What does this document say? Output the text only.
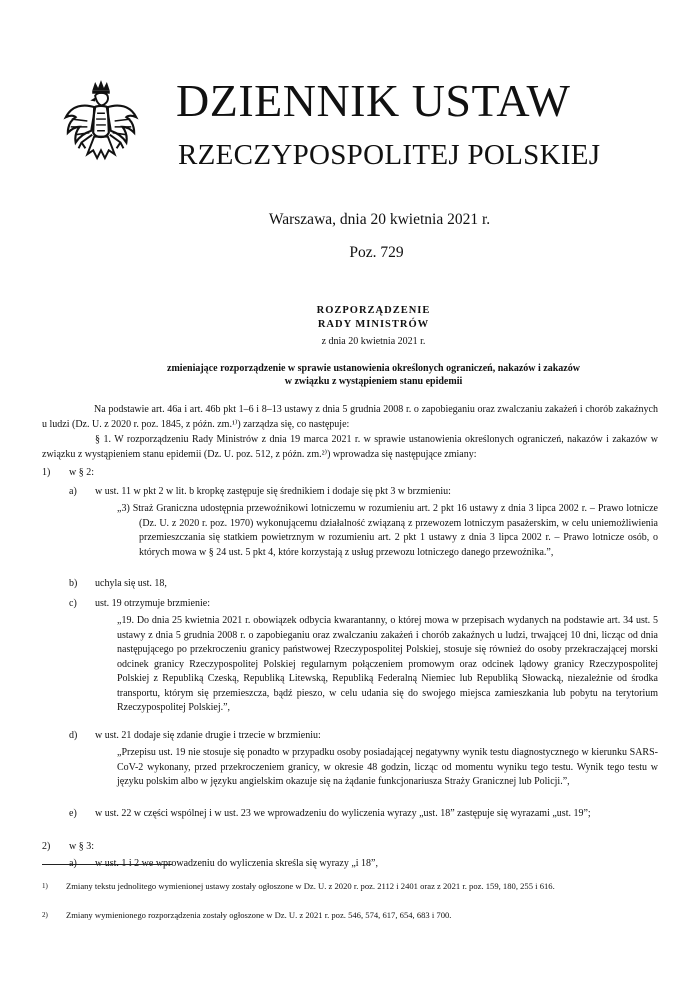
DZIENNIK USTAW
RZECZYPOSPOLITEJ POLSKIEJ
Warszawa, dnia 20 kwietnia 2021 r.
Poz. 729
ROZPORZĄDZENIE
RADY MINISTRÓW
z dnia 20 kwietnia 2021 r.
zmieniające rozporządzenie w sprawie ustanowienia określonych ograniczeń, nakazów i zakazów
w związku z wystąpieniem stanu epidemii
Na podstawie art. 46a i art. 46b pkt 1–6 i 8–13 ustawy z dnia 5 grudnia 2008 r. o zapobieganiu oraz zwalczaniu zakażeń i chorób zakaźnych u ludzi (Dz. U. z 2020 r. poz. 1845, z późn. zm.¹⁾) zarządza się, co następuje:
§ 1. W rozporządzeniu Rady Ministrów z dnia 19 marca 2021 r. w sprawie ustanowienia określonych ograniczeń, nakazów i zakazów w związku z wystąpieniem stanu epidemii (Dz. U. poz. 512, z późn. zm.²⁾) wprowadza się następujące zmiany:
1) w § 2:
a) w ust. 11 w pkt 2 w lit. b kropkę zastępuje się średnikiem i dodaje się pkt 3 w brzmieniu:
„3) Straż Graniczna udostępnia przewoźnikowi lotniczemu w rozumieniu art. 2 pkt 16 ustawy z dnia 3 lipca 2002 r. – Prawo lotnicze (Dz. U. z 2020 r. poz. 1970) wykonującemu działalność związaną z przewozem lotniczym pasażerskim, w celu uniemożliwienia przemieszczania się statkiem powietrznym w rozumieniu art. 2 pkt 1 ustawy z dnia 3 lipca 2002 r. – Prawo lotnicze osób, o których mowa w § 24 ust. 5 pkt 4, które korzystają z usług przewozu lotniczego danego przewoźnika.”,
b) uchyla się ust. 18,
c) ust. 19 otrzymuje brzmienie:
„19. Do dnia 25 kwietnia 2021 r. obowiązek odbycia kwarantanny, o której mowa w przepisach wydanych na podstawie art. 34 ust. 5 ustawy z dnia 5 grudnia 2008 r. o zapobieganiu oraz zwalczaniu zakażeń i chorób zakaźnych u ludzi, trwającej 10 dni, licząc od dnia następującego po przekroczeniu granicy państwowej Rzeczypospolitej Polskiej, stosuje się również do osoby przekraczającej morski odcinek granicy Rzeczypospolitej Polskiej regularnym połączeniem promowym oraz odcinek lądowy granicy Rzeczypospolitej Polskiej z Republiką Czeską, Republiką Litewską, Republiką Federalną Niemiec lub Republiką Słowacką, niezależnie od środka transportu, którym się przemieszcza, bądź pieszo, w celu udania się do swojego miejsca zamieszkania lub pobytu na terytorium Rzeczypospolitej Polskiej.”,
d) w ust. 21 dodaje się zdanie drugie i trzecie w brzmieniu:
„Przepisu ust. 19 nie stosuje się ponadto w przypadku osoby posiadającej negatywny wynik testu diagnostycznego w kierunku SARS-CoV-2 wykonany, przed przekroczeniem granicy, w okresie 48 godzin, licząc od momentu wyniku tego testu. Wynik tego testu w języku polskim albo w języku angielskim okazuje się na żądanie funkcjonariusza Straży Granicznej lub Policji.”,
e) w ust. 22 w części wspólnej i w ust. 23 we wprowadzeniu do wyliczenia wyrazy „ust. 18” zastępuje się wyrazami „ust. 19”;
2) w § 3:
a) w ust. 1 i 2 we wprowadzeniu do wyliczenia skreśla się wyrazy „i 18”,
1) Zmiany tekstu jednolitego wymienionej ustawy zostały ogłoszone w Dz. U. z 2020 r. poz. 2112 i 2401 oraz z 2021 r. poz. 159, 180, 255 i 616.
2) Zmiany wymienionego rozporządzenia zostały ogłoszone w Dz. U. z 2021 r. poz. 546, 574, 617, 654, 683 i 700.
